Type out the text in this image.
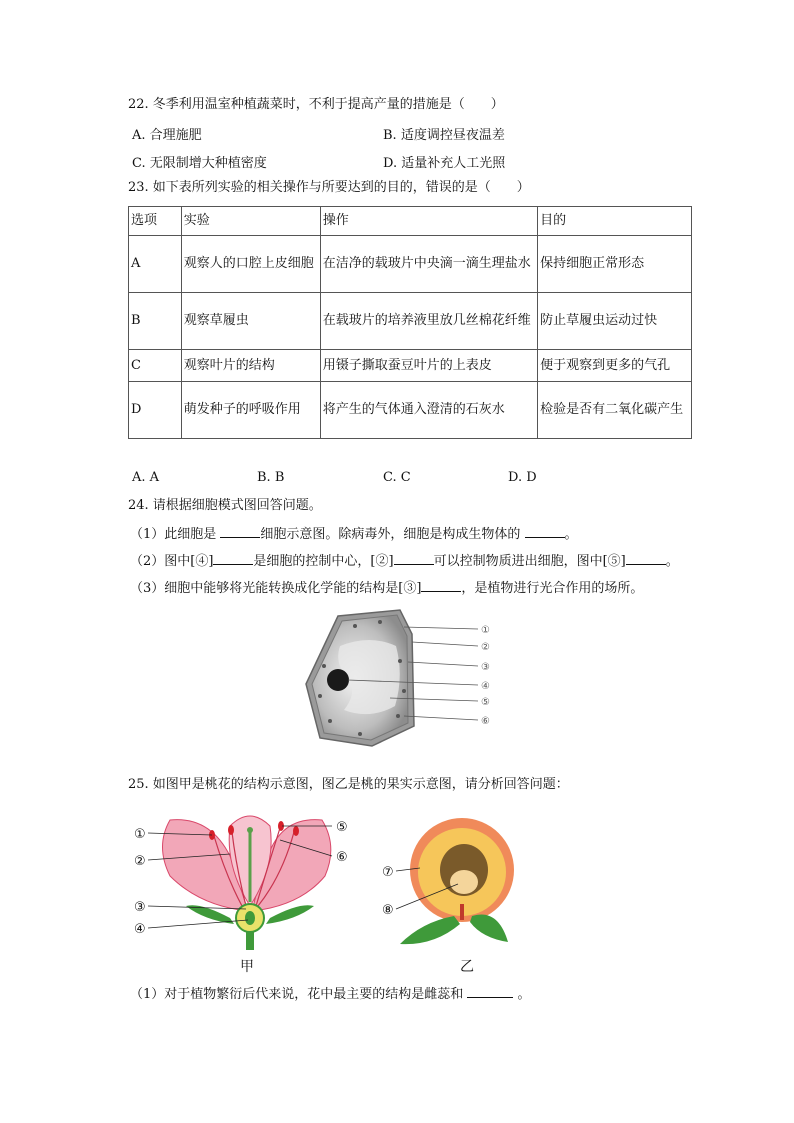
22. 冬季利用温室种植蔬菜时，不利于提高产量的措施是（　　）
A. 合理施肥	B. 适度调控昼夜温差
C. 无限制增大种植密度	D. 适量补充人工光照
23. 如下表所列实验的相关操作与所要达到的目的，错误的是（　　）
选项	实验	操作	目的
A	观察人的口腔上皮细胞	在洁净的载玻片中央滴一滴生理盐水	保持细胞正常形态
B	观察草履虫	在载玻片的培养液里放几丝棉花纤维	防止草履虫运动过快
C	观察叶片的结构	用镊子撕取蚕豆叶片的上表皮	便于观察到更多的气孔
D	萌发种子的呼吸作用	将产生的气体通入澄清的石灰水	检验是否有二氧化碳产生
A. A	B. B	C. C	D. D
24. 请根据细胞模式图回答问题。
（1）此细胞是	细胞示意图。除病毒外，细胞是构成生物体的	。
（2）图中[④]	是细胞的控制中心，[②]	可以控制物质进出细胞，图中[⑤]	。
（3）细胞中能够将光能转换成化学能的结构是[③]	，是植物进行光合作用的场所。
①
②
③
④
⑤
⑥
25. 如图甲是桃花的结构示意图，图乙是桃的果实示意图，请分析回答问题：
①
②
③
④
⑤
⑥
甲
⑦
⑧
乙
（1）对于植物繁衍后代来说，花中最主要的结构是雌蕊和	。
